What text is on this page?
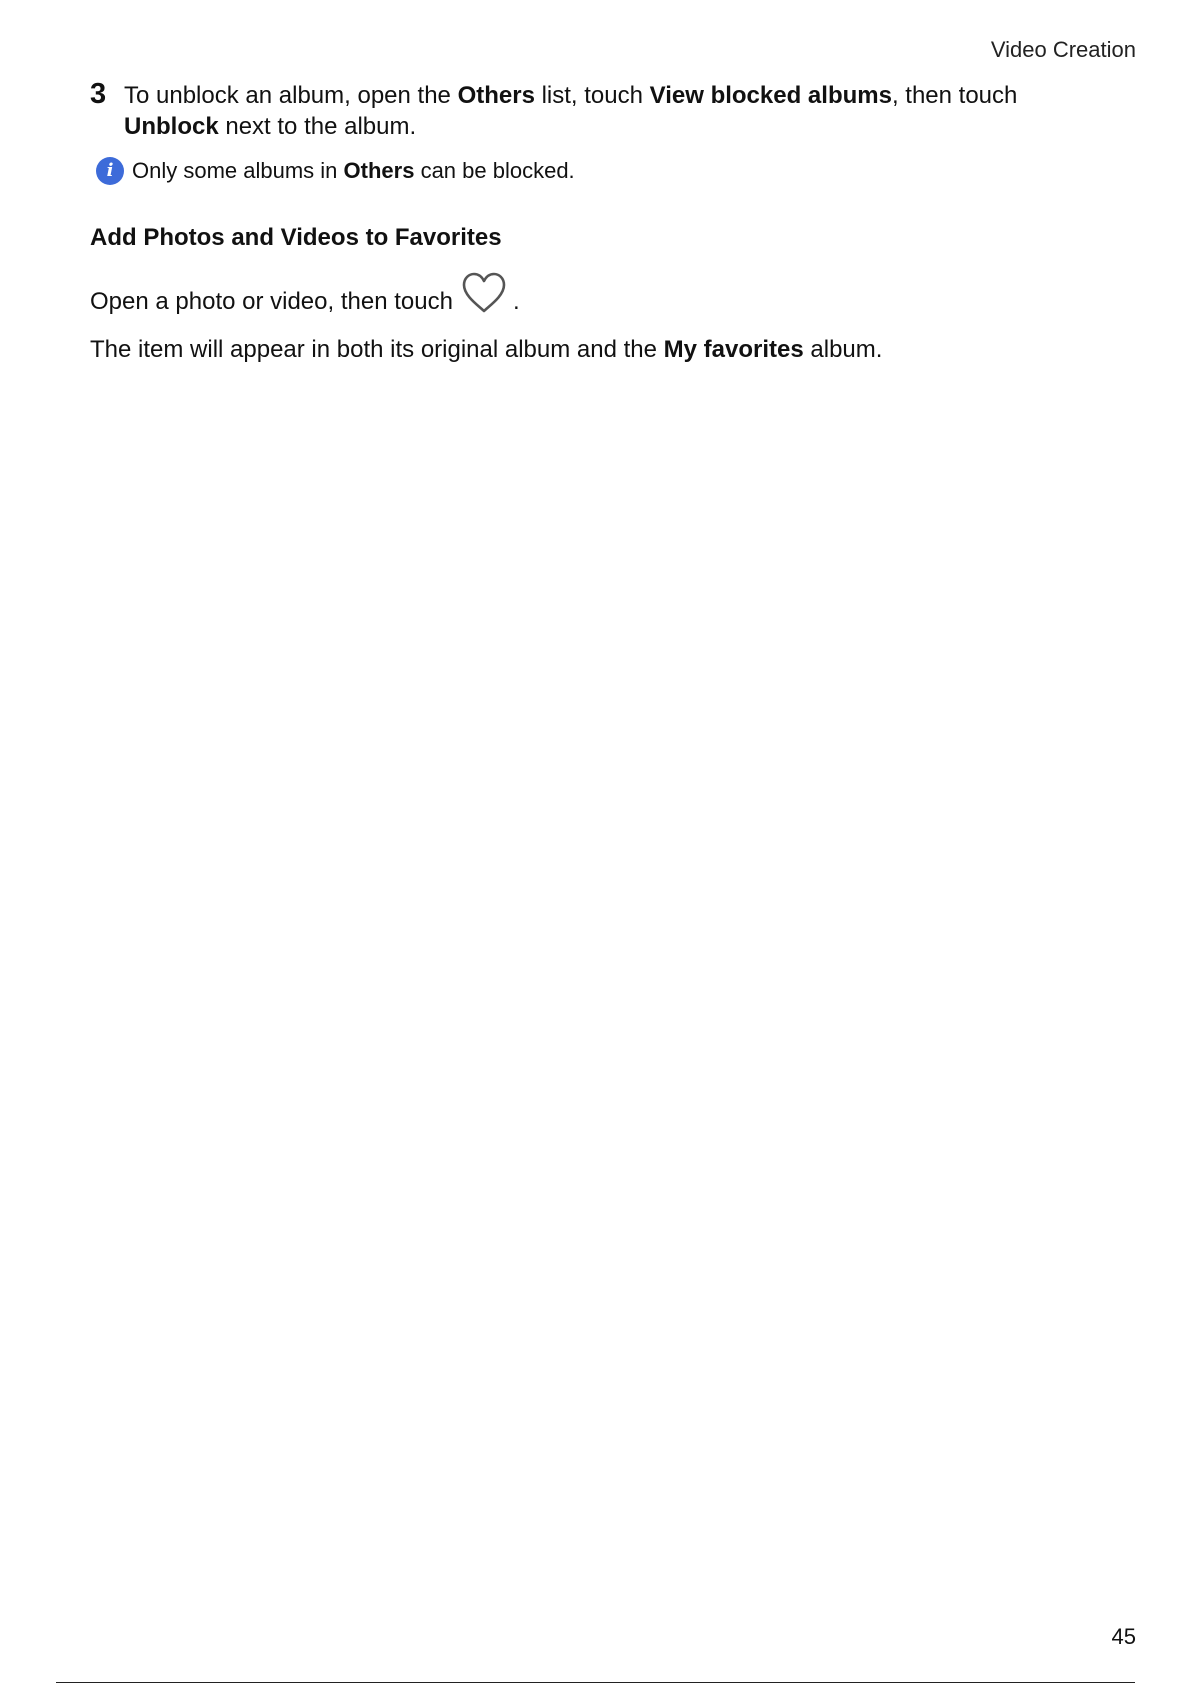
Video Creation
3 To unblock an album, open the Others list, touch View blocked albums, then touch Unblock next to the album.
i Only some albums in Others can be blocked.
Add Photos and Videos to Favorites
Open a photo or video, then touch	.
The item will appear in both its original album and the My favorites album.
45
